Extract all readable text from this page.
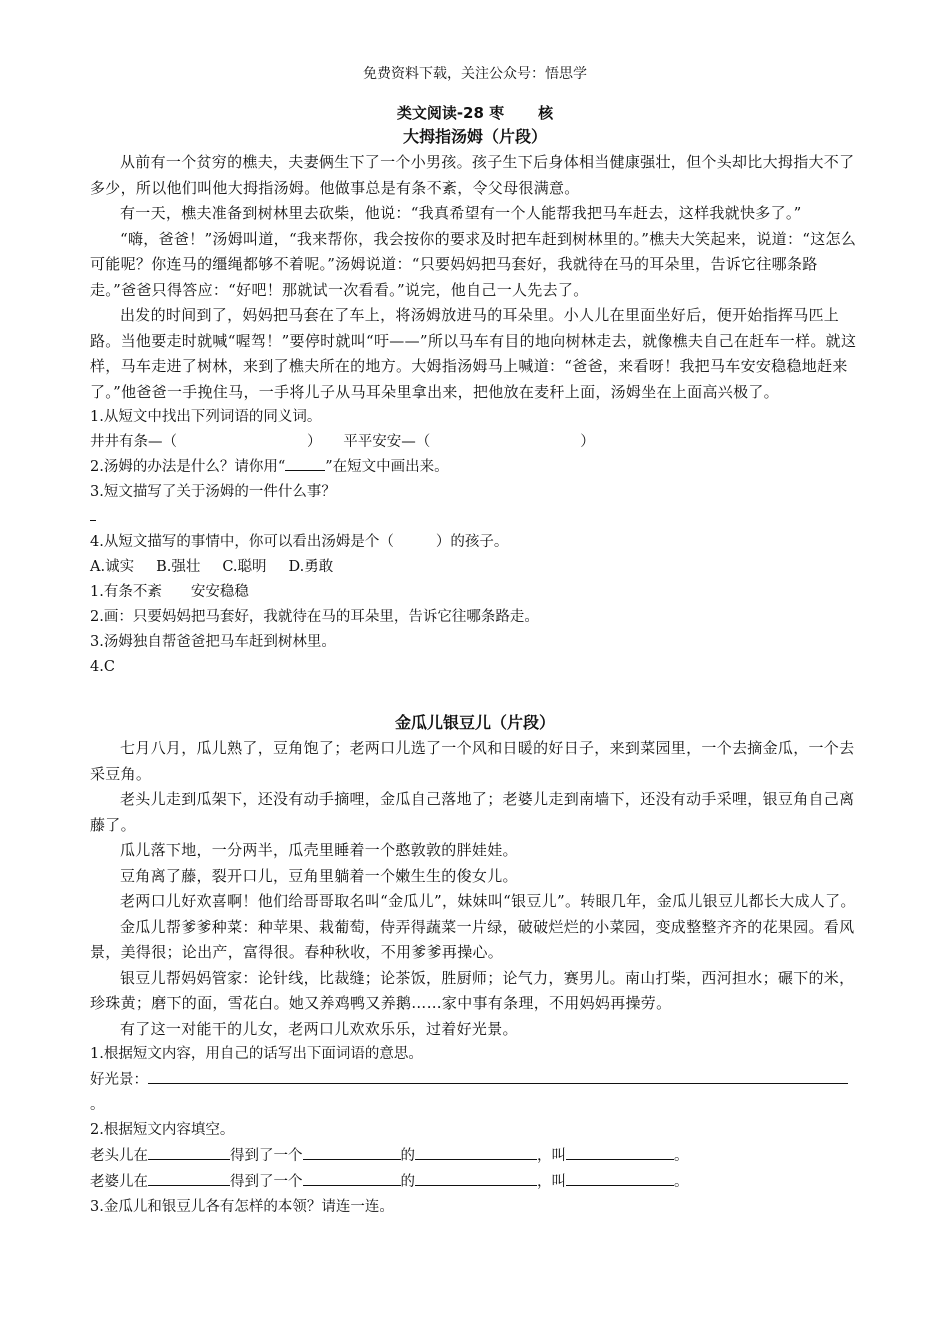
免费资料下载，关注公众号：悟思学
类文阅读-28 枣 核
大拇指汤姆（片段）

从前有一个贫穷的樵夫，夫妻俩生下了一个小男孩。孩子生下后身体相当健康强壮，但个头却比大拇指大不了多少，所以他们叫他大拇指汤姆。他做事总是有条不紊，令父母很满意。

有一天，樵夫准备到树林里去砍柴，他说：“我真希望有一个人能帮我把马车赶去，这样我就快多了。”

“嗨，爸爸！”汤姆叫道，“我来帮你，我会按你的要求及时把车赶到树林里的。”樵夫大笑起来，说道：“这怎么可能呢？你连马的缰绳都够不着呢。”汤姆说道：“只要妈妈把马套好，我就待在马的耳朵里，告诉它往哪条路走。”爸爸只得答应：“好吧！那就试一次看看。”说完，他自己一人先去了。

出发的时间到了，妈妈把马套在了车上，将汤姆放进马的耳朵里。小人儿在里面坐好后，便开始指挥马匹上路。当他要走时就喊“喔驾！”要停时就叫“吁——”所以马车有目的地向树林走去，就像樵夫自己在赶车一样。就这样，马车走进了树林，来到了樵夫所在的地方。大姆指汤姆马上喊道：“爸爸，来看呀！我把马车安安稳稳地赶来了。”他爸爸一手挽住马，一手将儿子从马耳朵里拿出来，把他放在麦秆上面，汤姆坐在上面高兴极了。

1.从短文中找出下列词语的同义词。

井井有条—（	）　　平平安安—（	）

2.汤姆的办法是什么？请你用“	”在短文中画出来。

3.短文描写了关于汤姆的一件什么事？

4.从短文描写的事情中，你可以看出汤姆是个（	）的孩子。

A.诚实 B.强壮 C.聪明 D.勇敢

1.有条不紊　　安安稳稳

2.画：只要妈妈把马套好，我就待在马的耳朵里，告诉它往哪条路走。

3.汤姆独自帮爸爸把马车赶到树林里。

4.C

金瓜儿银豆儿（片段）

七月八月，瓜儿熟了，豆角饱了；老两口儿选了一个风和日暖的好日子，来到菜园里，一个去摘金瓜，一个去采豆角。

老头儿走到瓜架下，还没有动手摘哩，金瓜自己落地了；老婆儿走到南墙下，还没有动手采哩，银豆角自己离藤了。

瓜儿落下地，一分两半，瓜壳里睡着一个憨敦敦的胖娃娃。

豆角离了藤，裂开口儿，豆角里躺着一个嫩生生的俊女儿。

老两口儿好欢喜啊！他们给哥哥取名叫“金瓜儿”，妹妹叫“银豆儿”。转眼几年，金瓜儿银豆儿都长大成人了。

金瓜儿帮爹爹种菜：种苹果、栽葡萄，侍弄得蔬菜一片绿，破破烂烂的小菜园，变成整整齐齐的花果园。看风景，美得很；论出产，富得很。春种秋收，不用爹爹再操心。

银豆儿帮妈妈管家：论针线，比裁缝；论茶饭，胜厨师；论气力，赛男儿。南山打柴，西河担水；碾下的米，珍珠黄；磨下的面，雪花白。她又养鸡鸭又养鹅……家中事有条理，不用妈妈再操劳。

有了这一对能干的儿女，老两口儿欢欢乐乐，过着好光景。

1.根据短文内容，用自己的话写出下面词语的意思。

好光景：。

2.根据短文内容填空。

老头儿在	得到了一个	的	，叫	。

老婆儿在	得到了一个	的	，叫	。

3.金瓜儿和银豆儿各有怎样的本领？请连一连。
